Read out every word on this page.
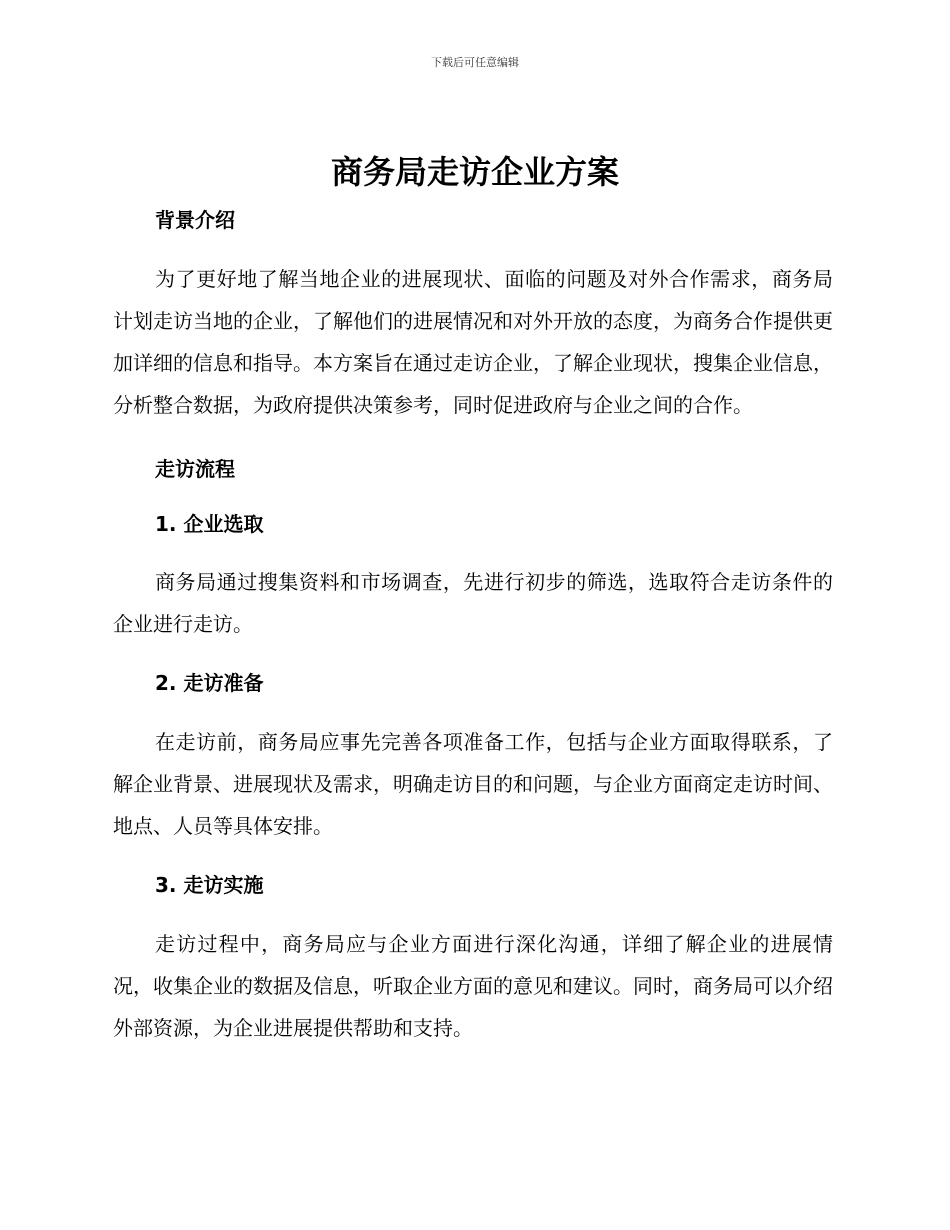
下载后可任意编辑
商务局走访企业方案

背景介绍

为了更好地了解当地企业的进展现状、面临的问题及对外合作需求，商务局计划走访当地的企业，了解他们的进展情况和对外开放的态度，为商务合作提供更加详细的信息和指导。本方案旨在通过走访企业，了解企业现状，搜集企业信息，分析整合数据，为政府提供决策参考，同时促进政府与企业之间的合作。

走访流程

1. 企业选取

商务局通过搜集资料和市场调查，先进行初步的筛选，选取符合走访条件的企业进行走访。

2. 走访准备

在走访前，商务局应事先完善各项准备工作，包括与企业方面取得联系，了解企业背景、进展现状及需求，明确走访目的和问题，与企业方面商定走访时间、地点、人员等具体安排。

3. 走访实施

走访过程中，商务局应与企业方面进行深化沟通，详细了解企业的进展情况，收集企业的数据及信息，听取企业方面的意见和建议。同时，商务局可以介绍外部资源，为企业进展提供帮助和支持。
